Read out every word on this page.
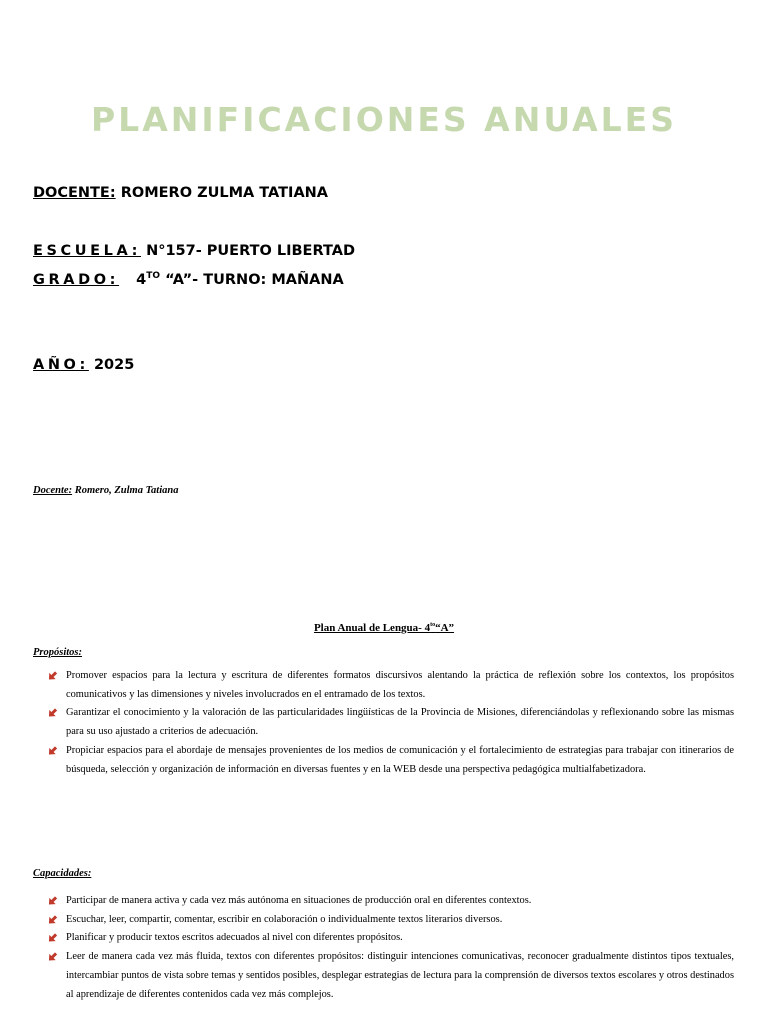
PLANIFICACIONES ANUALES
DOCENTE: ROMERO ZULMA TATIANA
ESCUELA: N°157- PUERTO LIBERTAD
GRADO: $4^{TO}$ “A”- TURNO: MAÑANA
AÑO: 2025
Docente: Romero, Zulma Tatiana
Plan Anual de Lengua- $4^{to}“A$”
Propósitos:
Promover espacios para la lectura y escritura de diferentes formatos discursivos alentando la práctica de reflexión sobre los contextos, los propósitos comunicativos y las dimensiones y niveles involucrados en el entramado de los textos.
Garantizar el conocimiento y la valoración de las particularidades lingüísticas de la Provincia de Misiones, diferenciándolas y reflexionando sobre las mismas para su uso ajustado a criterios de adecuación.
Propiciar espacios para el abordaje de mensajes provenientes de los medios de comunicación y el fortalecimiento de estrategias para trabajar con itinerarios de búsqueda, selección y organización de información en diversas fuentes y en la WEB desde una perspectiva pedagógica multialfabetizadora.
Capacidades:
Participar de manera activa y cada vez más autónoma en situaciones de producción oral en diferentes contextos.
Escuchar, leer, compartir, comentar, escribir en colaboración o individualmente textos literarios diversos.
Planificar y producir textos escritos adecuados al nivel con diferentes propósitos.
Leer de manera cada vez más fluida, textos con diferentes propósitos: distinguir intenciones comunicativas, reconocer gradualmente distintos tipos textuales, intercambiar puntos de vista sobre temas y sentidos posibles, desplegar estrategias de lectura para la comprensión de diversos textos escolares y otros destinados al aprendizaje de diferentes contenidos cada vez más complejos.
